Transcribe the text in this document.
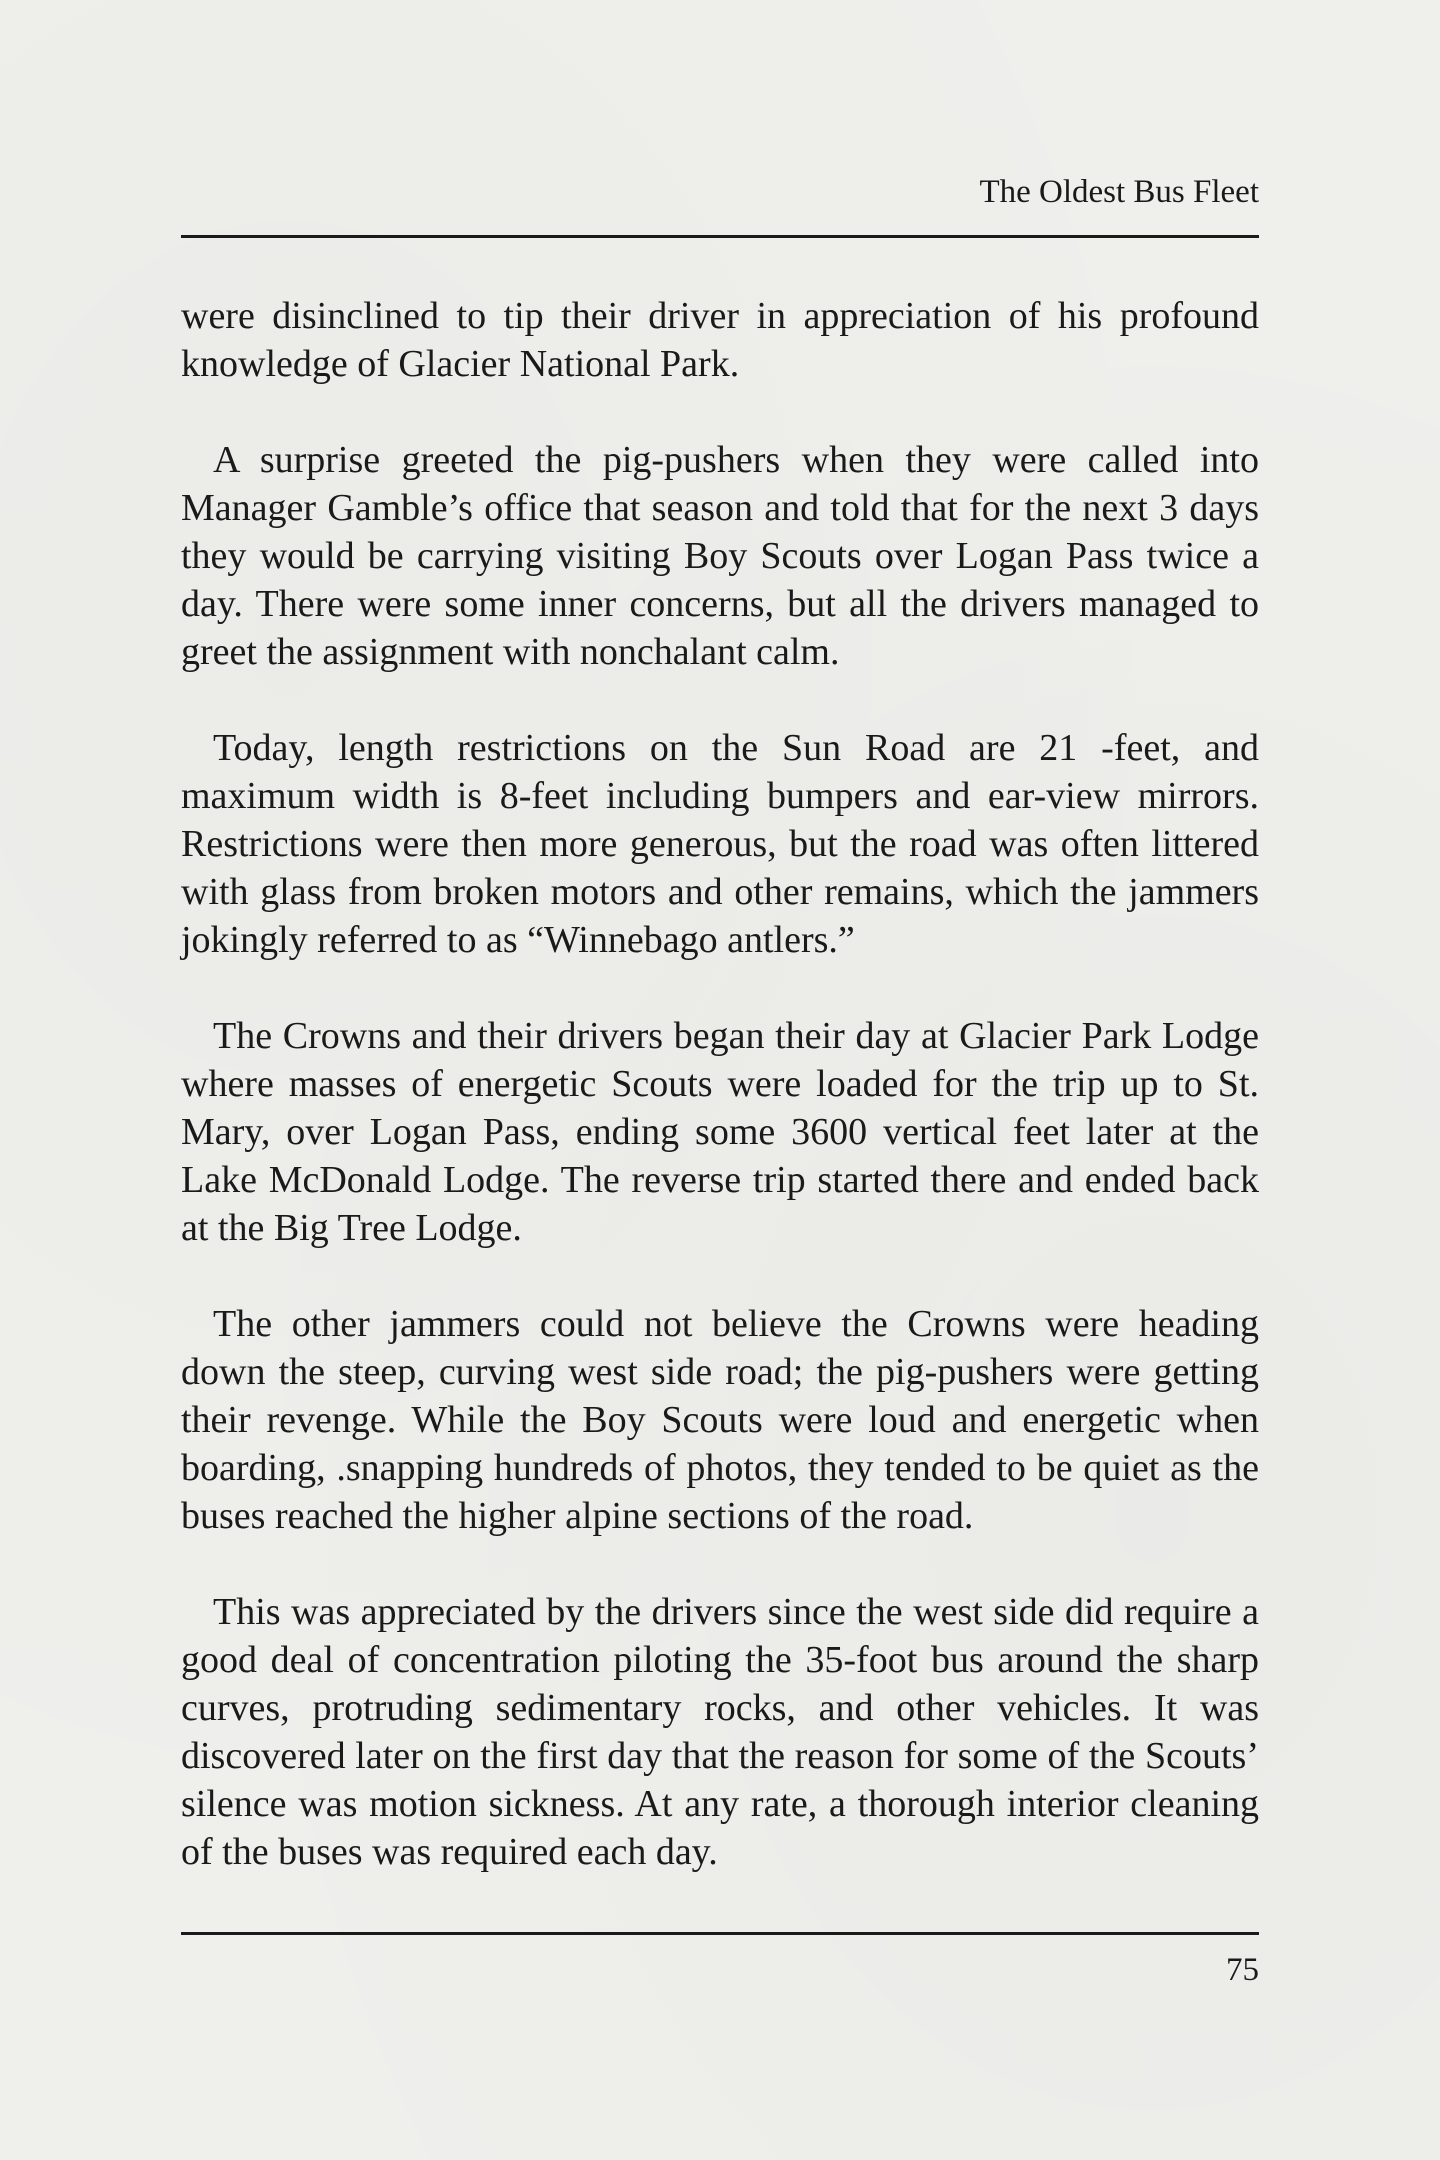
The Oldest Bus Fleet

were disinclined to tip their driver in appreciation of his profound knowledge of Glacier National Park.

A surprise greeted the pig-pushers when they were called into Manager Gamble’s office that season and told that for the next 3 days they would be carrying visiting Boy Scouts over Logan Pass twice a day. There were some inner concerns, but all the drivers managed to greet the assignment with nonchalant calm.

Today, length restrictions on the Sun Road are 21 -feet, and maximum width is 8-feet including bumpers and ear-view mirrors. Restrictions were then more generous, but the road was often littered with glass from broken motors and other remains, which the jammers jokingly referred to as “Winnebago antlers.”

The Crowns and their drivers began their day at Glacier Park Lodge where masses of energetic Scouts were loaded for the trip up to St. Mary, over Logan Pass, ending some 3600 vertical feet later at the Lake McDonald Lodge. The reverse trip started there and ended back at the Big Tree Lodge.

The other jammers could not believe the Crowns were heading down the steep, curving west side road; the pig-pushers were getting their revenge. While the Boy Scouts were loud and energetic when boarding, .snapping hundreds of photos, they tended to be quiet as the buses reached the higher alpine sections of the road.

This was appreciated by the drivers since the west side did require a good deal of concentration piloting the 35-foot bus around the sharp curves, protruding sedimentary rocks, and other vehicles. It was discovered later on the first day that the reason for some of the Scouts’ silence was motion sickness. At any rate, a thorough interior cleaning of the buses was required each day.

75
